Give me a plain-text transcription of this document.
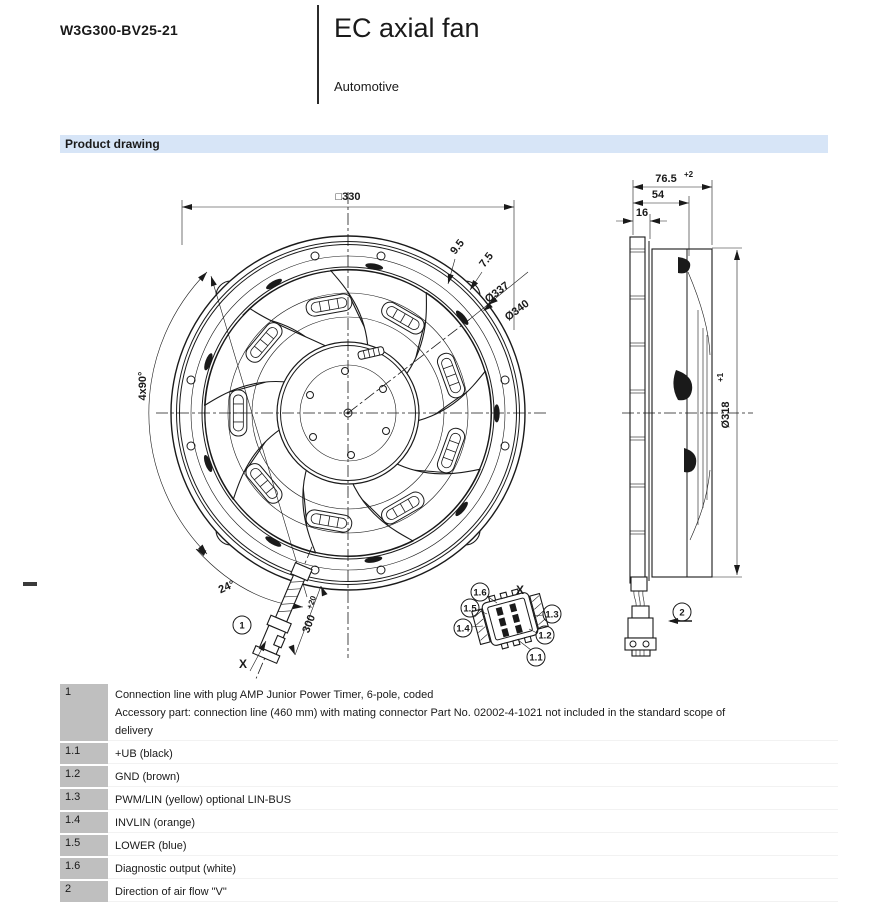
W3G300-BV25-21	EC axial fan
Automotive
Product drawing
□330
9.5
7.5
Ø337
Ø340
4x90°
24°
300
+20
1
X
76.5 +2
54
16
Ø318
+1
2
X
1.6
1.5
1.4
1.3
1.2
1.1
1	Connection line with plug AMP Junior Power Timer, 6-pole, coded
Accessory part: connection line (460 mm) with mating connector Part No. 02002-4-1021 not included in the standard scope of
delivery
1.1	+UB (black)
1.2	GND (brown)
1.3	PWM/LIN (yellow) optional LIN-BUS
1.4	INVLIN (orange)
1.5	LOWER (blue)
1.6	Diagnostic output (white)
2	Direction of air flow "V"
